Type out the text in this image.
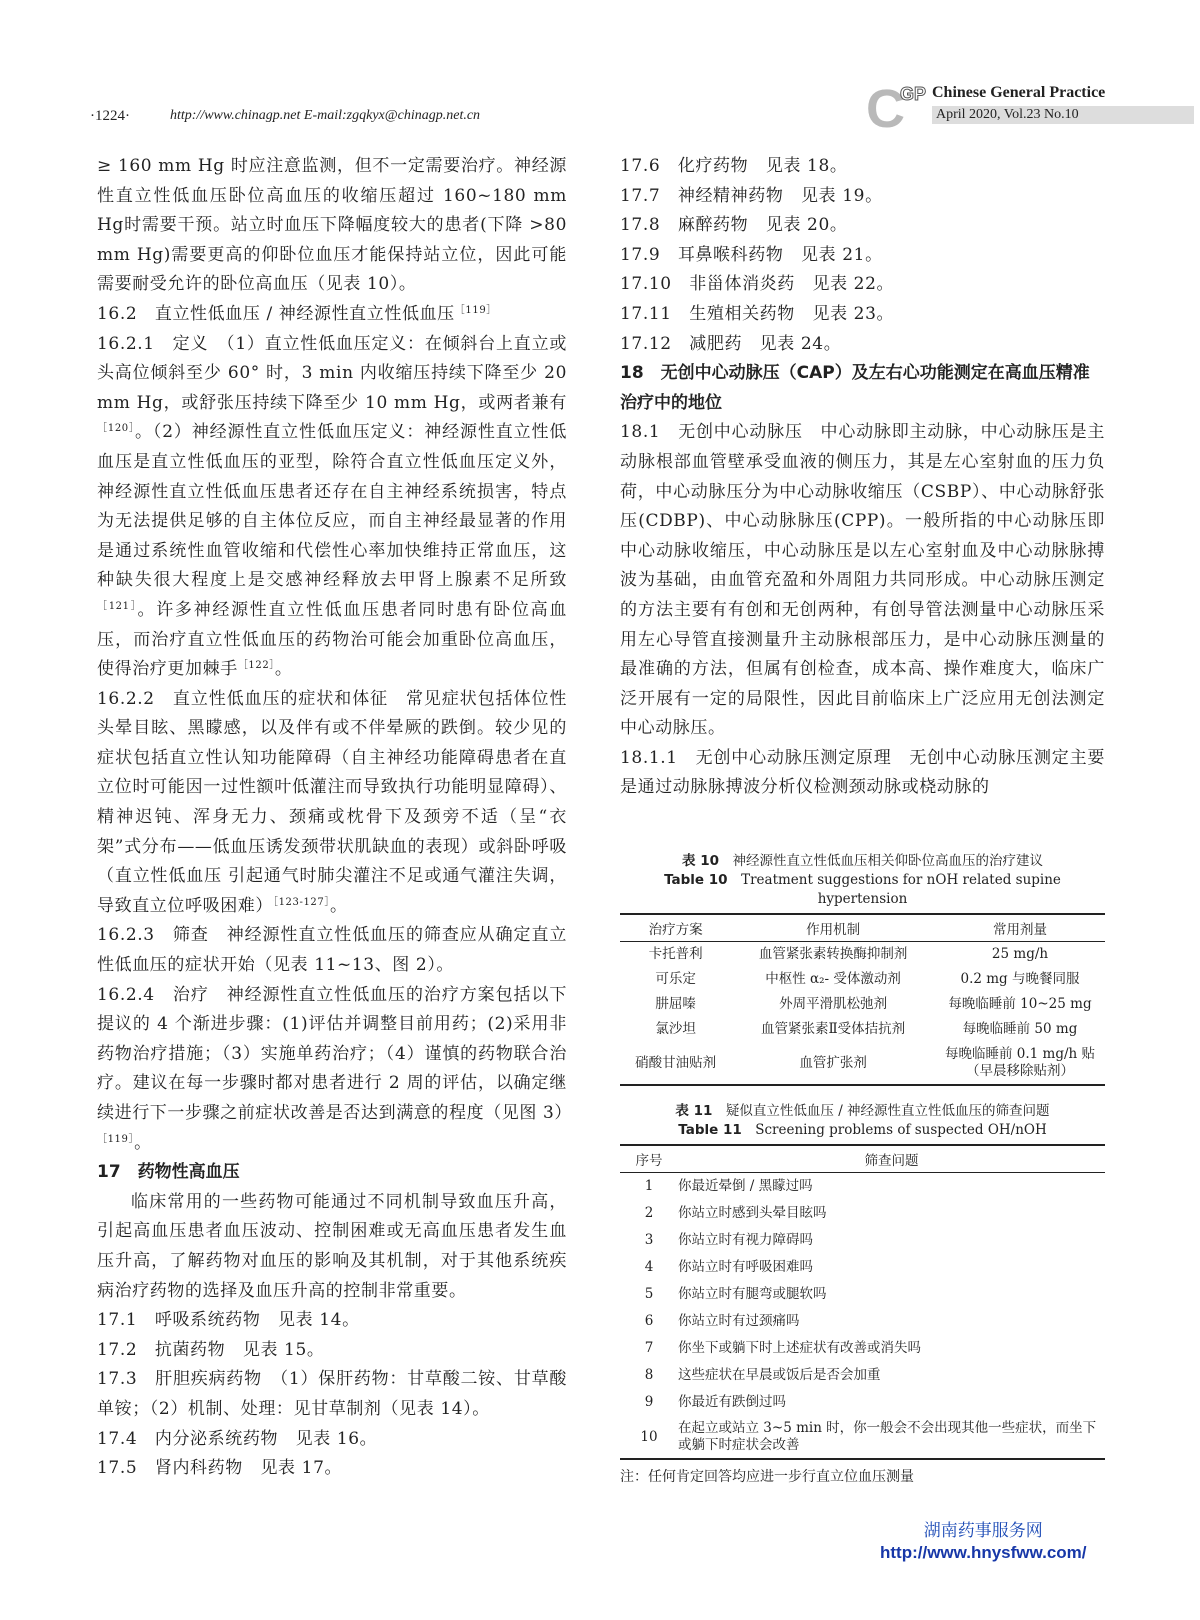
·1224·	http://www.chinagp.net E-mail:zgqkyx@chinagp.net.cn	C
GP Chinese General Practice
April 2020, Vol.23 No.10

≥ 160 mm Hg 时应注意监测，但不一定需要治疗。神经源性直立性低血压卧位高血压的收缩压超过 160~180 mm Hg时需要干预。站立时血压下降幅度较大的患者(下降 >80 mm Hg)需要更高的仰卧位血压才能保持站立位，因此可能需要耐受允许的卧位高血压（见表 10）。

16.2　直立性低血压 / 神经源性直立性低血压$^{[119]}$

16.2.1　定义　（1）直立性低血压定义：在倾斜台上直立或头高位倾斜至少 60° 时，3 min 内收缩压持续下降至少 20 mm Hg，或舒张压持续下降至少 10 mm Hg，或两者兼有$^{[120]}$。（2）神经源性直立性低血压定义：神经源性直立性低血压是直立性低血压的亚型，除符合直立性低血压定义外，神经源性直立性低血压患者还存在自主神经系统损害，特点为无法提供足够的自主体位反应，而自主神经最显著的作用是通过系统性血管收缩和代偿性心率加快维持正常血压，这种缺失很大程度上是交感神经释放去甲肾上腺素不足所致$^{[121]}$。许多神经源性直立性低血压患者同时患有卧位高血压，而治疗直立性低血压的药物治可能会加重卧位高血压，使得治疗更加棘手$^{[122]}$。

16.2.2　直立性低血压的症状和体征　常见症状包括体位性头晕目眩、黑矇感，以及伴有或不伴晕厥的跌倒。较少见的症状包括直立性认知功能障碍（自主神经功能障碍患者在直立位时可能因一过性额叶低灌注而导致执行功能明显障碍）、精神迟钝、浑身无力、颈痛或枕骨下及颈旁不适（呈“衣架”式分布——低血压诱发颈带状肌缺血的表现）或斜卧呼吸（直立性低血压 引起通气时肺尖灌注不足或通气灌注失调，导致直立位呼吸困难）$^{[123-127]}$。

16.2.3　筛查　神经源性直立性低血压的筛查应从确定直立性低血压的症状开始（见表 11~13、图 2）。

16.2.4　治疗　神经源性直立性低血压的治疗方案包括以下提议的 4 个渐进步骤：(1)评估并调整目前用药；(2)采用非药物治疗措施；（3）实施单药治疗；（4）谨慎的药物联合治疗。建议在每一步骤时都对患者进行 2 周的评估，以确定继续进行下一步骤之前症状改善是否达到满意的程度（见图 3）$^{[119]}$。

17　药物性高血压

临床常用的一些药物可能通过不同机制导致血压升高，引起高血压患者血压波动、控制困难或无高血压患者发生血压升高，了解药物对血压的影响及其机制，对于其他系统疾病治疗药物的选择及血压升高的控制非常重要。

17.1　呼吸系统药物　见表 14。

17.2　抗菌药物　见表 15。

17.3　肝胆疾病药物　（1）保肝药物：甘草酸二铵、甘草酸单铵；（2）机制、处理：见甘草制剂（见表 14）。

17.4　内分泌系统药物　见表 16。

17.5　肾内科药物　见表 17。

17.6　化疗药物　见表 18。

17.7　神经精神药物　见表 19。

17.8　麻醉药物　见表 20。

17.9　耳鼻喉科药物　见表 21。

17.10　非甾体消炎药　见表 22。

17.11　生殖相关药物　见表 23。

17.12　减肥药　见表 24。

18　无创中心动脉压（CAP）及左右心功能测定在高血压精准治疗中的地位

18.1　无创中心动脉压　中心动脉即主动脉，中心动脉压是主动脉根部血管壁承受血液的侧压力，其是左心室射血的压力负荷，中心动脉压分为中心动脉收缩压（CSBP）、中心动脉舒张压(CDBP)、中心动脉脉压(CPP)。一般所指的中心动脉压即中心动脉收缩压，中心动脉压是以左心室射血及中心动脉脉搏波为基础，由血管充盈和外周阻力共同形成。中心动脉压测定的方法主要有有创和无创两种，有创导管法测量中心动脉压采用左心导管直接测量升主动脉根部压力，是中心动脉压测量的最准确的方法，但属有创检查，成本高、操作难度大，临床广泛开展有一定的局限性，因此目前临床上广泛应用无创法测定中心动脉压。

18.1.1　无创中心动脉压测定原理　无创中心动脉压测定主要是通过动脉脉搏波分析仪检测颈动脉或桡动脉的

表 10　 神经源性直立性低血压相关仰卧位高血压的治疗建议
Table 10　 Treatment suggestions for nOH related supine hypertension
治疗方案	作用机制	常用剂量
卡托普利	血管紧张素转换酶抑制剂	25 mg/h
可乐定	中枢性 α₂- 受体激动剂	0.2 mg 与晚餐同服
肼屈嗪	外周平滑肌松弛剂	每晚临睡前 10~25 mg
氯沙坦	血管紧张素Ⅱ受体拮抗剂	每晚临睡前 50 mg
硝酸甘油贴剂	血管扩张剂	每晚临睡前 0.1 mg/h 贴（早晨移除贴剂）
表 11　 疑似直立性低血压 / 神经源性直立性低血压的筛查问题
Table 11　 Screening problems of suspected OH/nOH
序号	筛查问题
1	你最近晕倒 / 黑矇过吗
2	你站立时感到头晕目眩吗
3	你站立时有视力障碍吗
4	你站立时有呼吸困难吗
5	你站立时有腿弯或腿软吗
6	你站立时有过颈痛吗
7	你坐下或躺下时上述症状有改善或消失吗
8	这些症状在早晨或饭后是否会加重
9	你最近有跌倒过吗
10	在起立或站立 3~5 min 时，你一般会不会出现其他一些症状，而坐下或躺下时症状会改善
注：任何肯定回答均应进一步行直立位血压测量
湖南药事服务网
http://www.hnysfww.com/
